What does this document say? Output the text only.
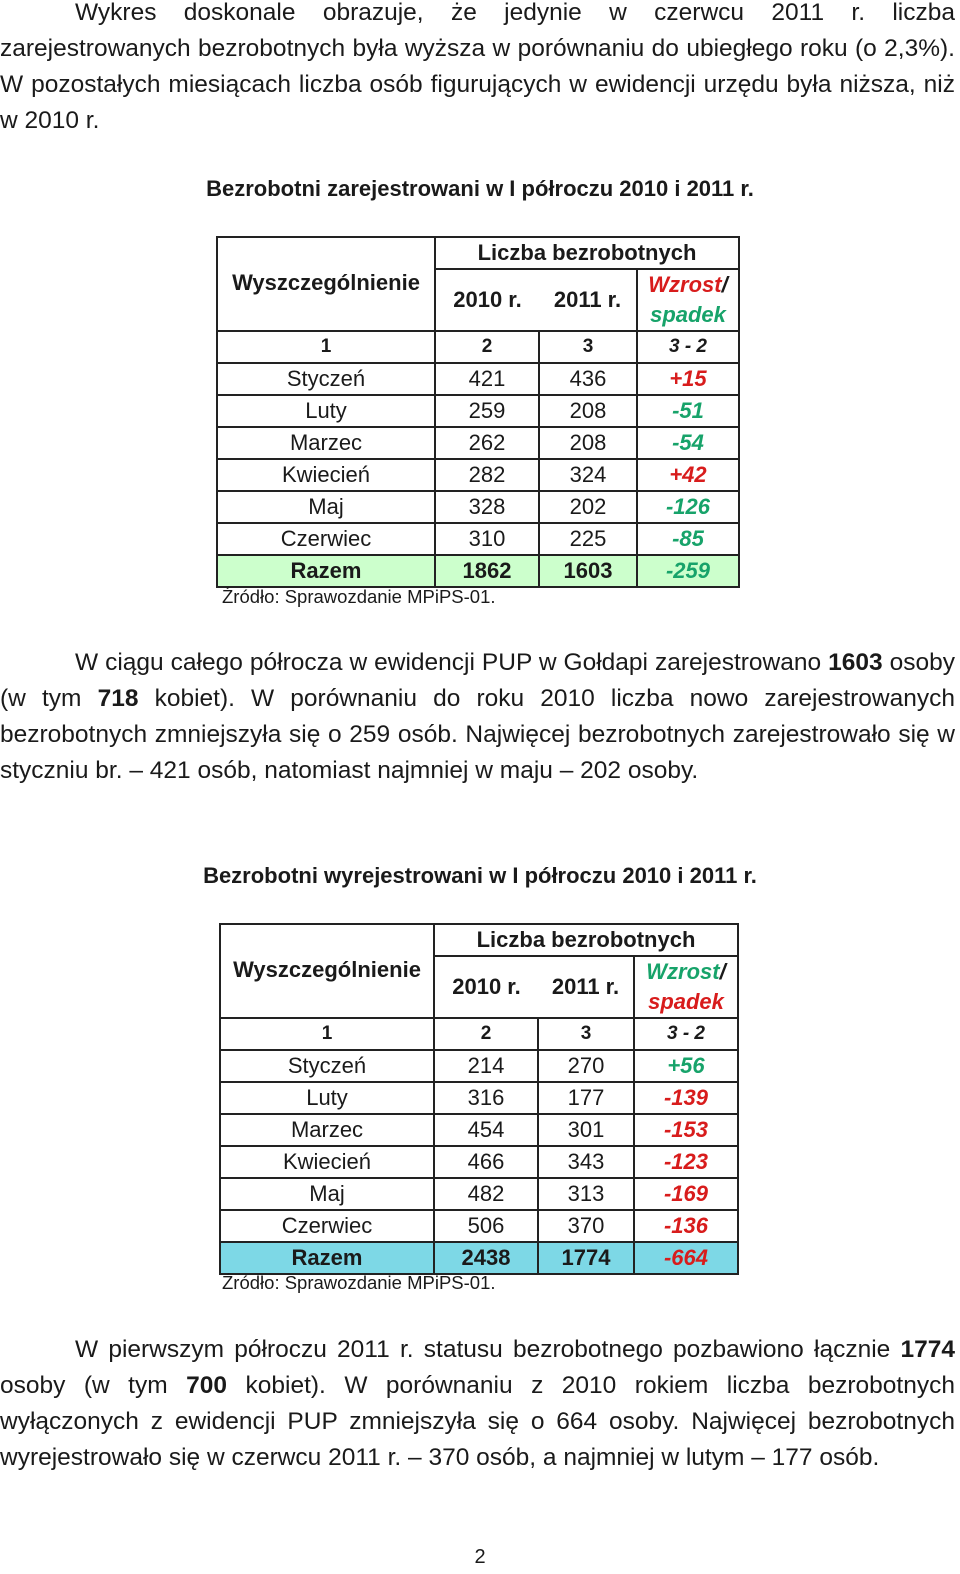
Wykres doskonale obrazuje, że jedynie w czerwcu 2011 r. liczba zarejestrowanych bezrobotnych była wyższa w porównaniu do ubiegłego roku (o 2,3%). W pozostałych miesiącach liczba osób figurujących w ewidencji urzędu była niższa, niż w 2010 r.
Bezrobotni zarejestrowani w I półroczu 2010 i 2011 r.
Wyszczególnienie	Liczba bezrobotnych		
	2010 r.	2011 r.	Wzrost/
spadek
1	2	3	3 - 2
Styczeń	421	436	+15
Luty	259	208	-51
Marzec	262	208	-54
Kwiecień	282	324	+42
Maj	328	202	-126
Czerwiec	310	225	-85
Razem	1862	1603	-259
Źródło: Sprawozdanie MPiPS-01.
W ciągu całego półrocza w ewidencji PUP w Gołdapi zarejestrowano 1603 osoby (w tym 718 kobiet). W porównaniu do roku 2010 liczba nowo zarejestrowanych bezrobotnych zmniejszyła się o 259 osób. Najwięcej bezrobotnych zarejestrowało się w styczniu br. – 421 osób, natomiast najmniej w maju – 202 osoby.
Bezrobotni wyrejestrowani w I półroczu 2010 i 2011 r.
Wyszczególnienie	Liczba bezrobotnych		
	2010 r.	2011 r.	Wzrost/
spadek
1	2	3	3 - 2
Styczeń	214	270	+56
Luty	316	177	-139
Marzec	454	301	-153
Kwiecień	466	343	-123
Maj	482	313	-169
Czerwiec	506	370	-136
Razem	2438	1774	-664
Źródło: Sprawozdanie MPiPS-01.
W pierwszym półroczu 2011 r. statusu bezrobotnego pozbawiono łącznie 1774 osoby (w tym 700 kobiet). W porównaniu z 2010 rokiem liczba bezrobotnych wyłączonych z ewidencji PUP zmniejszyła się o 664 osoby. Najwięcej bezrobotnych wyrejestrowało się w czerwcu 2011 r. – 370 osób, a najmniej w lutym – 177 osób.
2
